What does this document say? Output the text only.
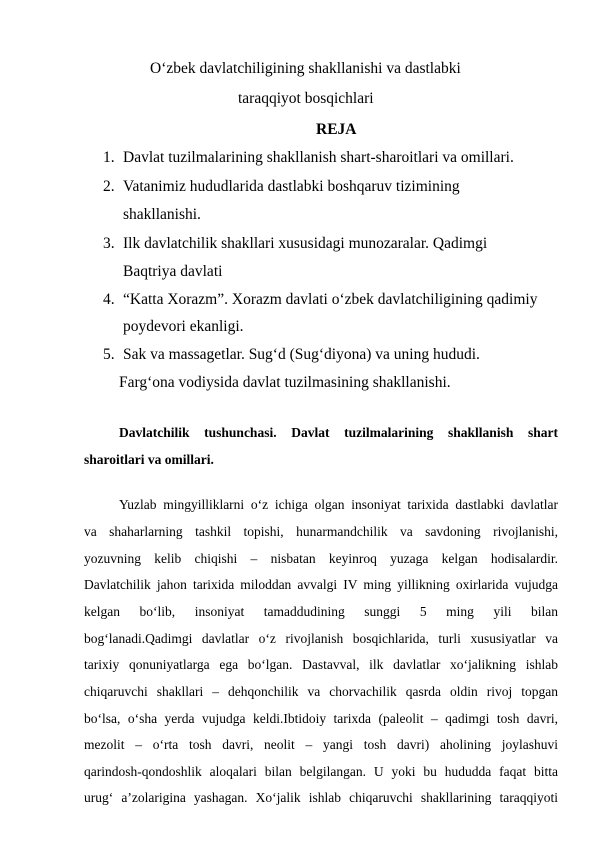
O‘zbek davlatchiligining shakllanishi va dastlabki
taraqqiyot bosqichlari
REJA
1. Davlat tuzilmalarining shakllanish shart-sharoitlari va omillari.
2. Vatanimiz hududlarida dastlabki boshqaruv tizimining
shakllanishi.
3. Ilk davlatchilik shakllari xususidagi munozaralar. Qadimgi
Baqtriya davlati
4. “Katta Xorazm”. Xorazm davlati o‘zbek davlatchiligining qadimiy
poydevori ekanligi.
5. Sak va massagetlar. Sug‘d (Sug‘diyona) va uning hududi.
Farg‘ona vodiysida davlat tuzilmasining shakllanishi.
Davlatchilik tushunchasi. Davlat tuzilmalarining shakllanish shart
sharoitlari va omillari.
Yuzlab mingyilliklarni o‘z ichiga olgan insoniyat tarixida dastlabki davlatlar
va shaharlarning tashkil topishi, hunarmandchilik va savdoning rivojlanishi,
yozuvning kelib chiqishi – nisbatan keyinroq yuzaga kelgan hodisalardir.
Davlatchilik jahon tarixida miloddan avvalgi IV ming yillikning oxirlarida vujudga
kelgan bo‘lib, insoniyat tamaddudining sunggi 5 ming yili bilan
bog‘lanadi.Qadimgi davlatlar o‘z rivojlanish bosqichlarida, turli xususiyatlar va
tarixiy qonuniyatlarga ega bo‘lgan. Dastavval, ilk davlatlar xo‘jalikning ishlab
chiqaruvchi shakllari – dehqonchilik va chorvachilik qasrda oldin rivoj topgan
bo‘lsa, o‘sha yerda vujudga keldi.Ibtidoiy tarixda (paleolit – qadimgi tosh davri,
mezolit – o‘rta tosh davri, neolit – yangi tosh davri) aholining joylashuvi
qarindosh-qondoshlik aloqalari bilan belgilangan. U yoki bu hududda faqat bitta
urug‘ a’zolarigina yashagan. Xo‘jalik ishlab chiqaruvchi shakllarining taraqqiyoti
